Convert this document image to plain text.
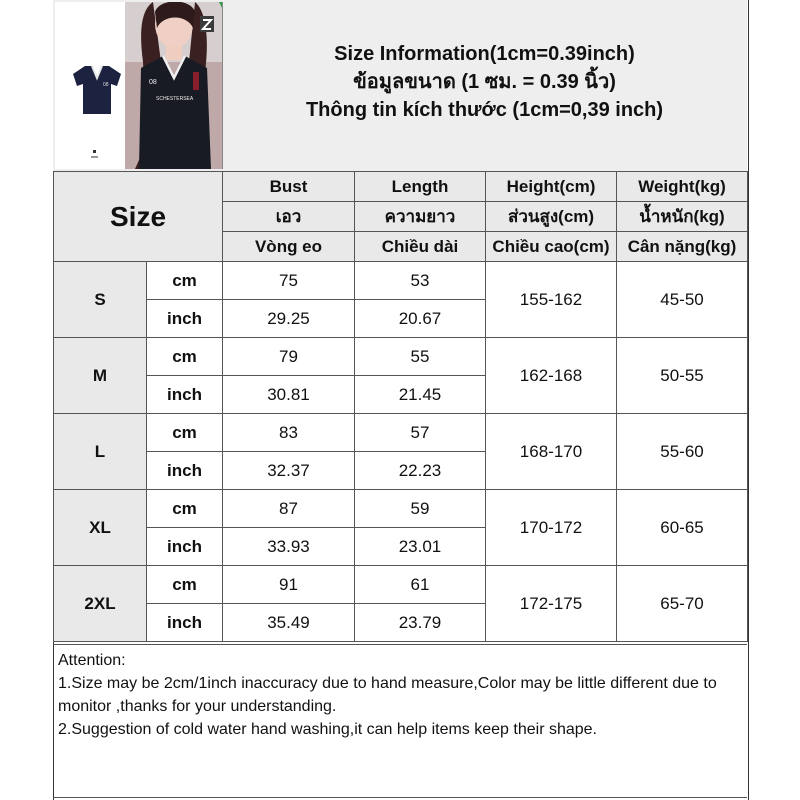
08	08
SCHESTERSEA
Size Information(1cm=0.39inch)
ข้อมูลขนาด (1 ซม. = 0.39 นิ้ว)
Thông tin kích thước (1cm=0,39 inch)
Size		Bust	Length	Height(cm)	Weight(kg)
		เอว	ความยาว	ส่วนสูง(cm)	น้ำหนัก(kg)
		Vòng eo	Chiều dài	Chiều cao(cm)	Cân nặng(kg)
S	cm	75	53	155-162	45-50
	inch	29.25	20.67		
M	cm	79	55	162-168	50-55
	inch	30.81	21.45		
L	cm	83	57	168-170	55-60
	inch	32.37	22.23		
XL	cm	87	59	170-172	60-65
	inch	33.93	23.01		
2XL	cm	91	61	172-175	65-70
	inch	35.49	23.79		
Attention:
1.Size may be 2cm/1inch inaccuracy due to hand measure,Color may be little different due to monitor ,thanks for your understanding.
2.Suggestion of cold water hand washing,it can help items keep their shape.
